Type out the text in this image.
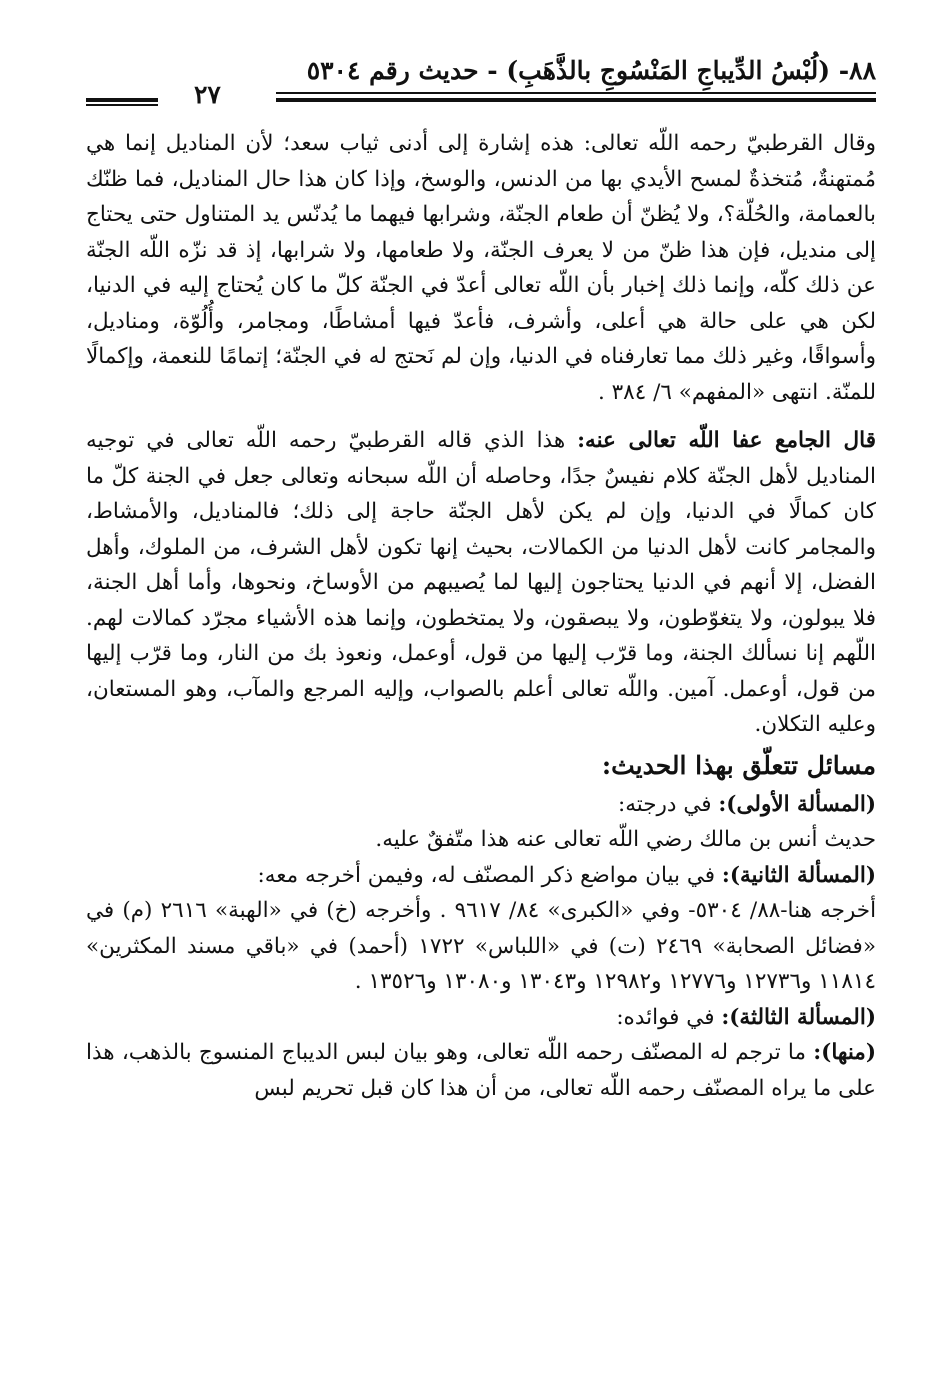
٨٨- (لُبْسُ الدِّيباجِ المَنْسُوجِ بالذَّهَبِ) - حديث رقم ٥٣٠٤
٢٧

وقال القرطبيّ رحمه اللّه تعالى: هذه إشارة إلى أدنى ثياب سعد؛ لأن المناديل إنما هي مُمتهنةٌ، مُتخذةٌ لمسح الأيدي بها من الدنس، والوسخ، وإذا كان هذا حال المناديل، فما ظنّك بالعمامة، والحُلّة؟، ولا يُظنّ أن طعام الجنّة، وشرابها فيهما ما يُدنّس يد المتناول حتى يحتاج إلى منديل، فإن هذا ظنّ من لا يعرف الجنّة، ولا طعامها، ولا شرابها، إذ قد نزّه اللّه الجنّة عن ذلك كلّه، وإنما ذلك إخبار بأن اللّه تعالى أعدّ في الجنّة كلّ ما كان يُحتاج إليه في الدنيا، لكن هي على حالة هي أعلى، وأشرف، فأعدّ فيها أمشاطًا، ومجامر، وأُلُوّة، ومناديل، وأسواقًا، وغير ذلك مما تعارفناه في الدنيا، وإن لم نَحتج له في الجنّة؛ إتمامًا للنعمة، وإكمالًا للمنّة. انتهى «المفهم» ٦/ ٣٨٤ .

قال الجامع عفا اللّه تعالى عنه: هذا الذي قاله القرطبيّ رحمه اللّه تعالى في توجيه المناديل لأهل الجنّة كلام نفيسٌ جدًا، وحاصله أن اللّه سبحانه وتعالى جعل في الجنة كلّ ما كان كمالًا في الدنيا، وإن لم يكن لأهل الجنّة حاجة إلى ذلك؛ فالمناديل، والأمشاط، والمجامر كانت لأهل الدنيا من الكمالات، بحيث إنها تكون لأهل الشرف، من الملوك، وأهل الفضل، إلا أنهم في الدنيا يحتاجون إليها لما يُصيبهم من الأوساخ، ونحوها، وأما أهل الجنة، فلا يبولون، ولا يتغوّطون، ولا يبصقون، ولا يمتخطون، وإنما هذه الأشياء مجرّد كمالات لهم. اللّهم إنا نسألك الجنة، وما قرّب إليها من قول، أوعمل، ونعوذ بك من النار، وما قرّب إليها من قول، أوعمل. آمين. واللّه تعالى أعلم بالصواب، وإليه المرجع والمآب، وهو المستعان، وعليه التكلان.

مسائل تتعلّق بهذا الحديث:

(المسألة الأولى): في درجته:

حديث أنس بن مالك رضي اللّه تعالى عنه هذا متّفقٌ عليه.

(المسألة الثانية): في بيان مواضع ذكر المصنّف له، وفيمن أخرجه معه:

أخرجه هنا-٨٨/ ٥٣٠٤- وفي «الكبرى» ٨٤/ ٩٦١٧ . وأخرجه (خ) في «الهبة» ٢٦١٦ (م) في «فضائل الصحابة» ٢٤٦٩ (ت) في «اللباس» ١٧٢٢ (أحمد) في «باقي مسند المكثرين» ١١٨١٤ و١٢٧٣٦ و١٢٧٧٦ و١٢٩٨٢ و١٣٠٤٣ و١٣٠٨٠ و١٣٥٢٦ .

(المسألة الثالثة): في فوائده:

(منها): ما ترجم له المصنّف رحمه اللّه تعالى، وهو بيان لبس الديباج المنسوج بالذهب، هذا على ما يراه المصنّف رحمه اللّه تعالى، من أن هذا كان قبل تحريم لبس
